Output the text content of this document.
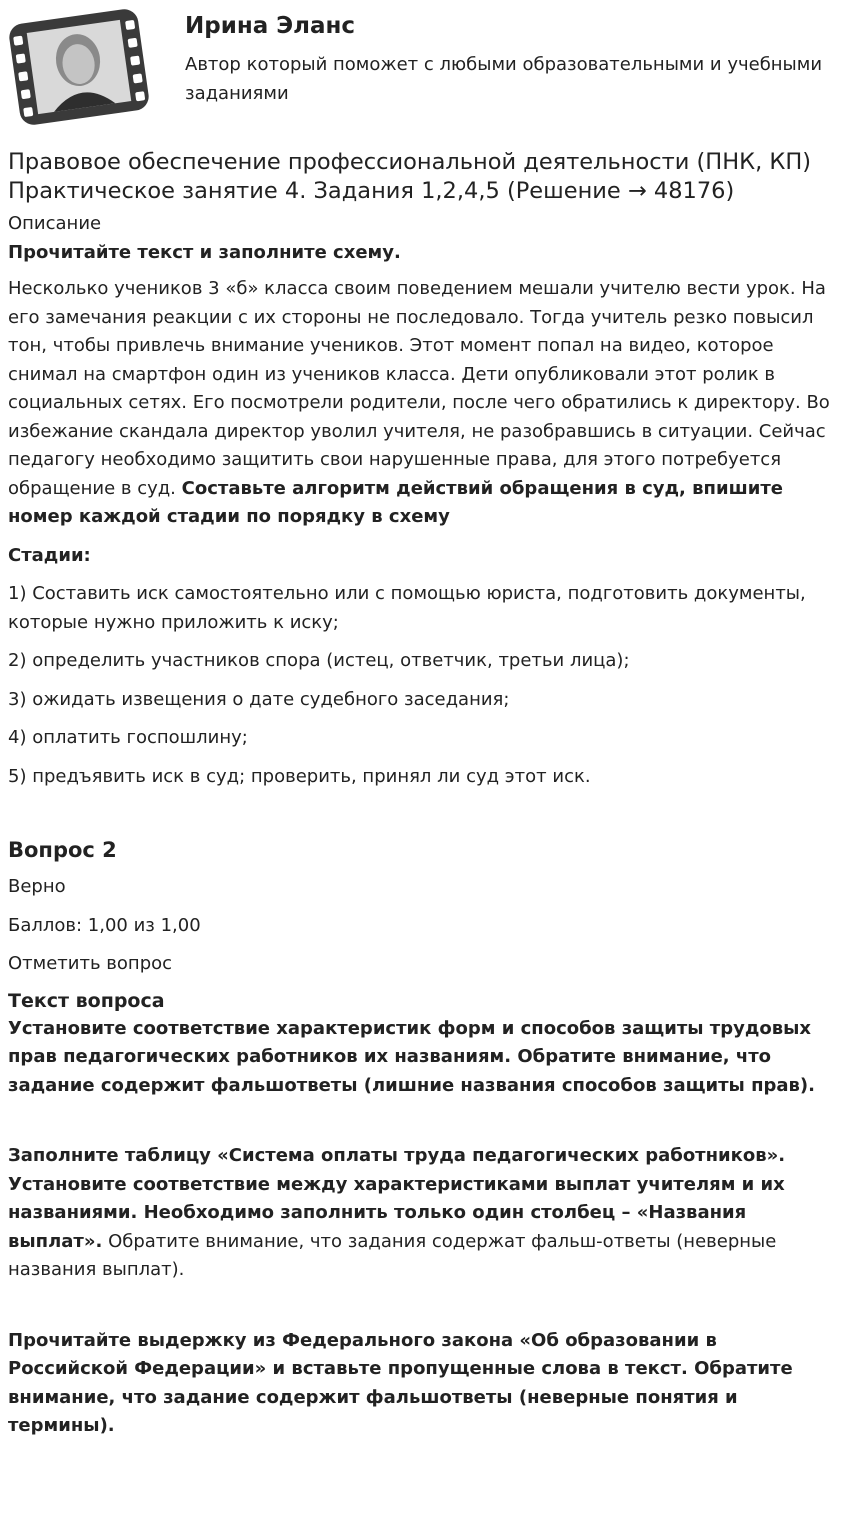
Ирина Эланс

Автор который поможет с любыми образовательными и учебными заданиями

Правовое обеспечение профессиональной деятельности (ПНК, КП) Практическое занятие 4. Задания 1,2,4,5 (Решение → 48176)

Описание

Прочитайте текст и заполните схему.

Несколько учеников 3 «б» класса своим поведением мешали учителю вести урок. На его замечания реакции с их стороны не последовало. Тогда учитель резко повысил тон, чтобы привлечь внимание учеников. Этот момент попал на видео, которое снимал на смартфон один из учеников класса. Дети опубликовали этот ролик в социальных сетях. Его посмотрели родители, после чего обратились к директору. Во избежание скандала директор уволил учителя, не разобравшись в ситуации. Сейчас педагогу необходимо защитить свои нарушенные права, для этого потребуется обращение в суд. Составьте алгоритм действий обращения в суд, впишите номер каждой стадии по порядку в схему

Стадии:

1) Составить иск самостоятельно или с помощью юриста, подготовить документы, которые нужно приложить к иску;

2) определить участников спора (истец, ответчик, третьи лица);

3) ожидать извещения о дате судебного заседания;

4) оплатить госпошлину;

5) предъявить иск в суд; проверить, принял ли суд этот иск.

Вопрос 2

Верно

Баллов: 1,00 из 1,00

Отметить вопрос

Текст вопроса

Установите соответствие характеристик форм и способов защиты трудовых прав педагогических работников их названиям. Обратите внимание, что задание содержит фальшответы (лишние названия способов защиты прав).

Заполните таблицу «Система оплаты труда педагогических работников». Установите соответствие между характеристиками выплат учителям и их названиями. Необходимо заполнить только один столбец – «Названия выплат». Обратите внимание, что задания содержат фальш-ответы (неверные названия выплат).

Прочитайте выдержку из Федерального закона «Об образовании в Российской Федерации» и вставьте пропущенные слова в текст. Обратите внимание, что задание содержит фальшответы (неверные понятия и термины).
